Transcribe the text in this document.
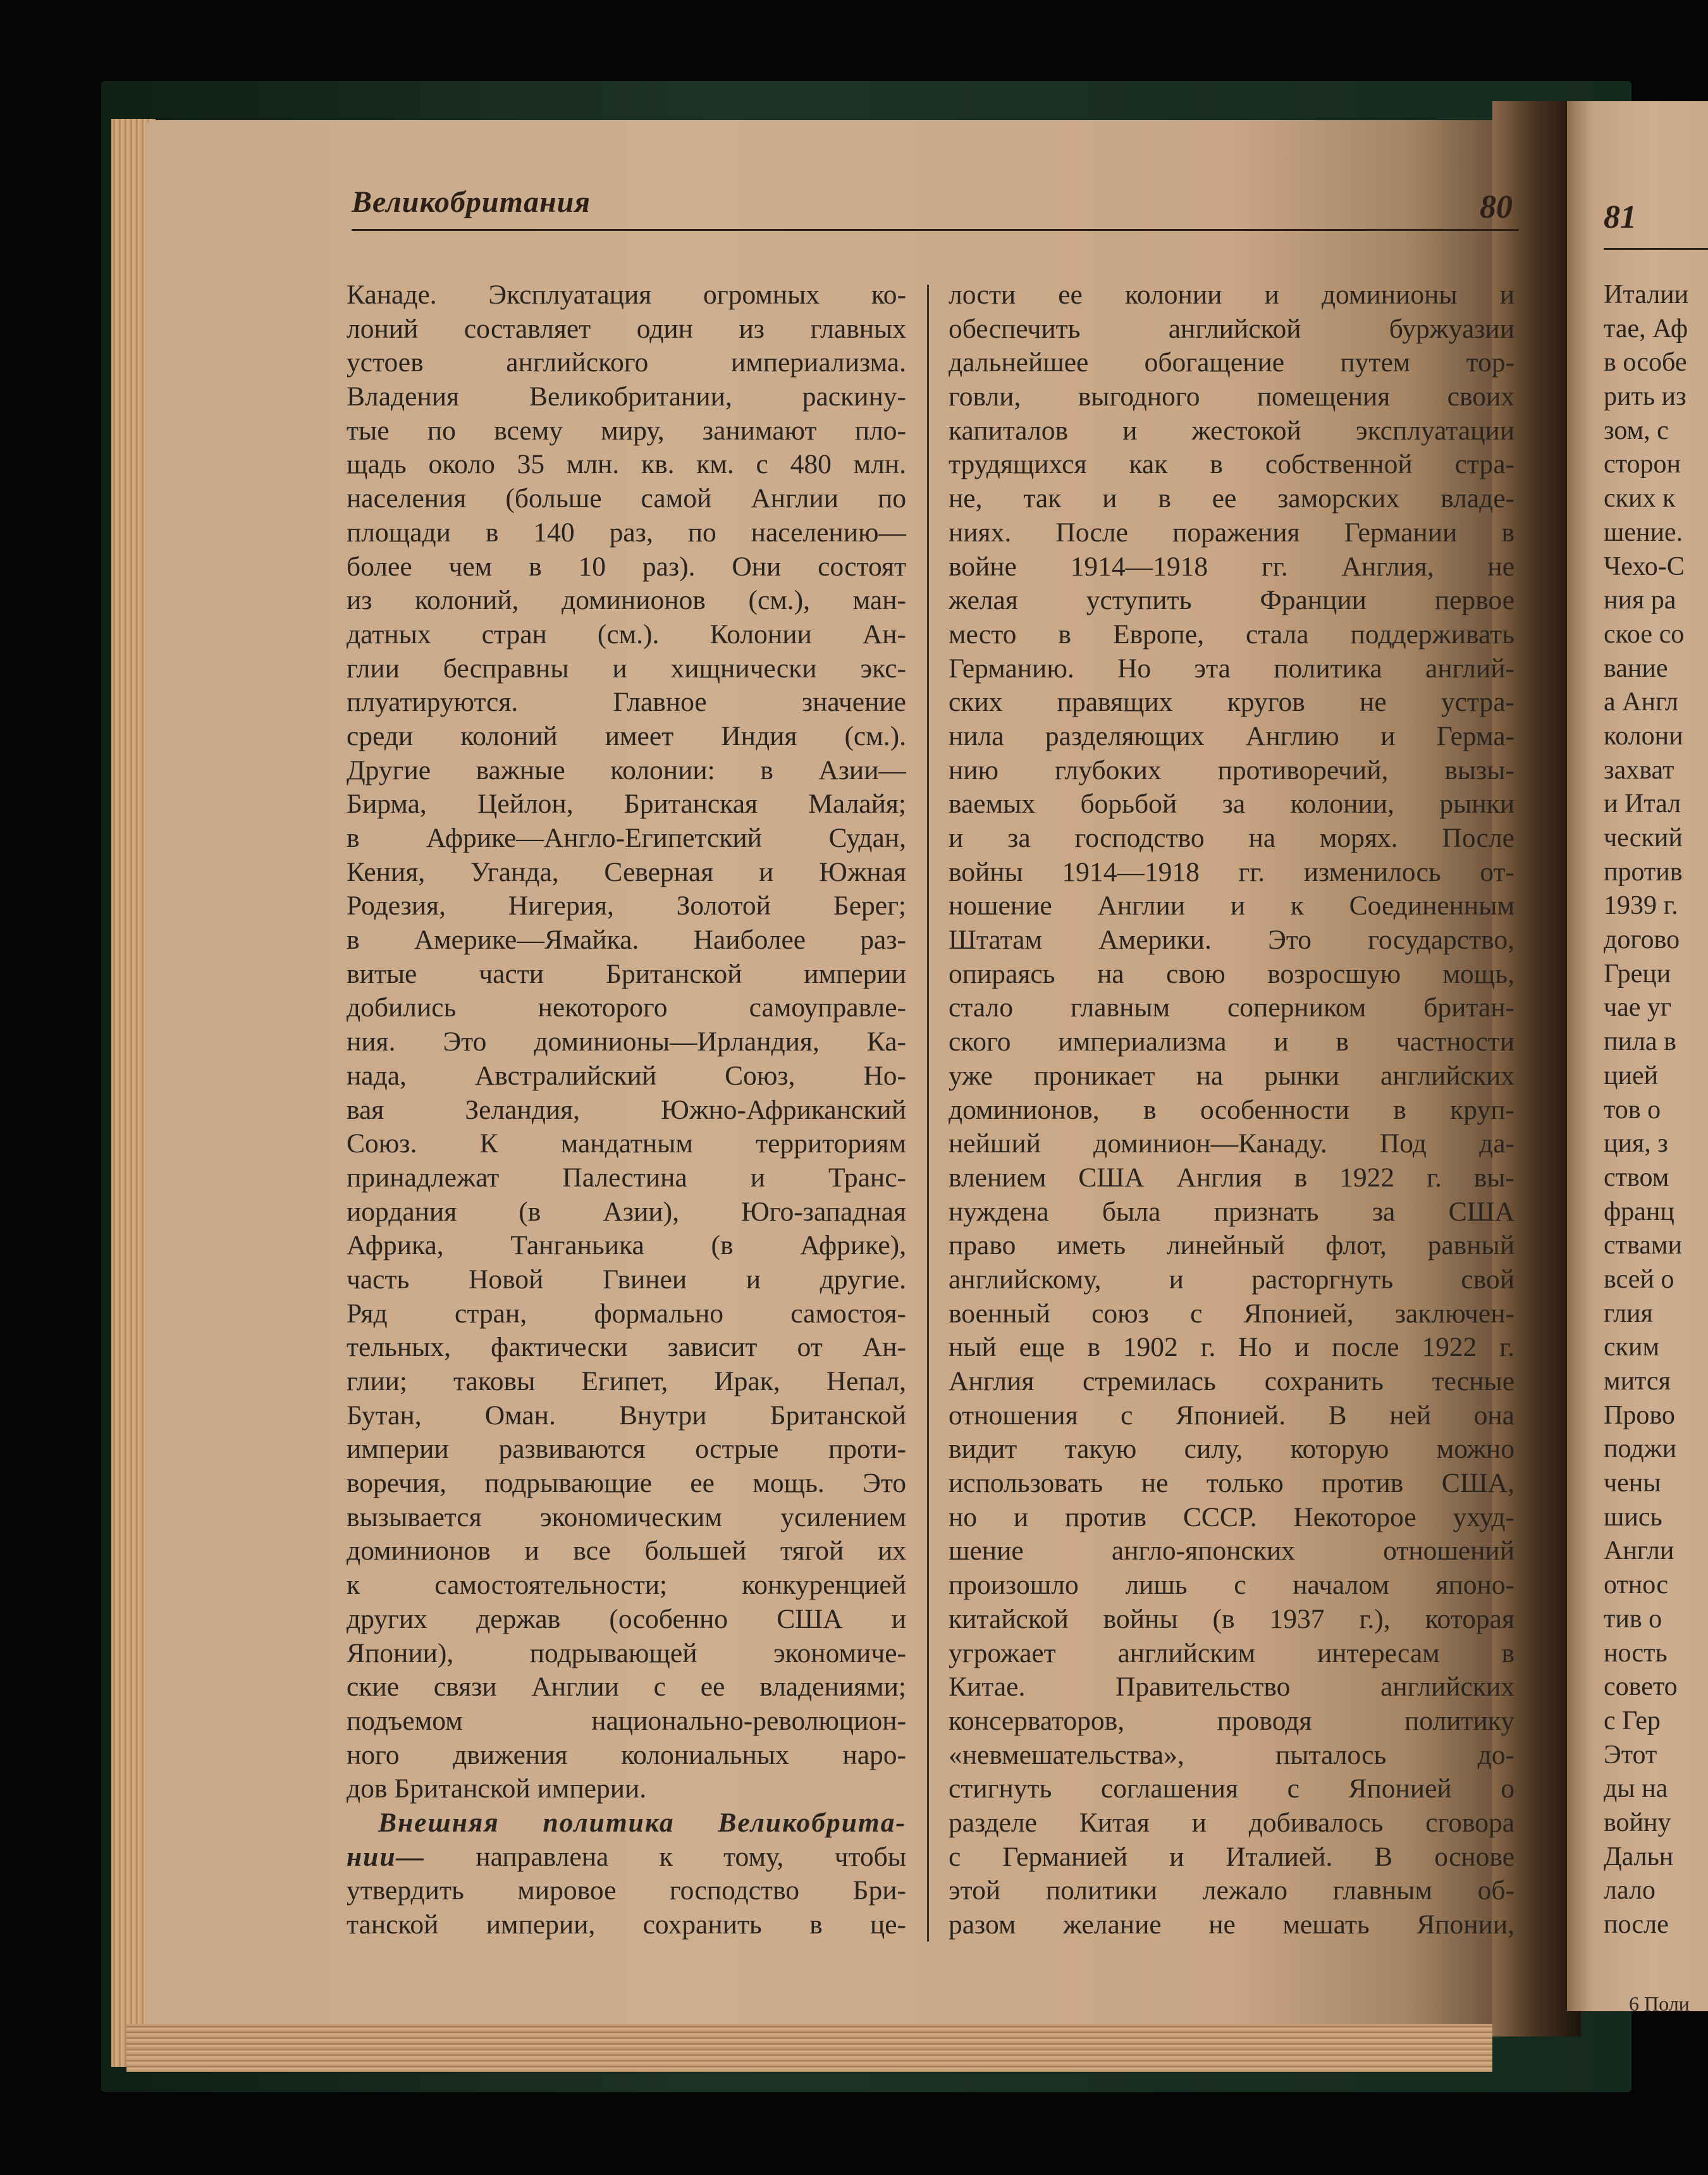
Великобритания	80	81
Канаде. Эксплуатация огромных ко-
лоний составляет один из главных
устоев английского империализма.
Владения Великобритании, раскину-
тые по всему миру, занимают пло-
щадь около 35 млн. кв. км. с 480 млн.
населения (больше самой Англии по
площади в 140 раз, по населению—
более чем в 10 раз). Они состоят
из колоний, доминионов (см.), ман-
датных стран (см.). Колонии Ан-
глии бесправны и хищнически экс-
плуатируются. Главное значение
среди колоний имеет Индия (см.).
Другие важные колонии: в Азии—
Бирма, Цейлон, Британская Малайя;
в Африке—Англо-Египетский Судан,
Кения, Уганда, Северная и Южная
Родезия, Нигерия, Золотой Берег;
в Америке—Ямайка. Наиболее раз-
витые части Британской империи
добились некоторого самоуправле-
ния. Это доминионы—Ирландия, Ка-
нада, Австралийский Союз, Но-
вая Зеландия, Южно-Африканский
Союз. К мандатным территориям
принадлежат Палестина и Транс-
иордания (в Азии), Юго-западная
Африка, Танганьика (в Африке),
часть Новой Гвинеи и другие.
Ряд стран, формально самостоя-
тельных, фактически зависит от Ан-
глии; таковы Египет, Ирак, Непал,
Бутан, Оман. Внутри Британской
империи развиваются острые проти-
воречия, подрывающие ее мощь. Это
вызывается экономическим усилением
доминионов и все большей тягой их
к самостоятельности; конкуренцией
других держав (особенно США и
Японии), подрывающей экономиче-
ские связи Англии с ее владениями;
подъемом национально-революцион-
ного движения колониальных наро-
дов Британской империи.
Внешняя политика Великобрита-
нии— направлена к тому, чтобы
утвердить мировое господство Бри-
танской империи, сохранить в це-
лости ее колонии и доминионы и
обеспечить английской буржуазии
дальнейшее обогащение путем тор-
говли, выгодного помещения своих
капиталов и жестокой эксплуатации
трудящихся как в собственной стра-
не, так и в ее заморских владе-
ниях. После поражения Германии в
войне 1914—1918 гг. Англия, не
желая уступить Франции первое
место в Европе, стала поддерживать
Германию. Но эта политика англий-
ских правящих кругов не устра-
нила разделяющих Англию и Герма-
нию глубоких противоречий, вызы-
ваемых борьбой за колонии, рынки
и за господство на морях. После
войны 1914—1918 гг. изменилось от-
ношение Англии и к Соединенным
Штатам Америки. Это государство,
опираясь на свою возросшую мощь,
стало главным соперником британ-
ского империализма и в частности
уже проникает на рынки английских
доминионов, в особенности в круп-
нейший доминион—Канаду. Под да-
влением США Англия в 1922 г. вы-
нуждена была признать за США
право иметь линейный флот, равный
английскому, и расторгнуть свой
военный союз с Японией, заключен-
ный еще в 1902 г. Но и после 1922 г.
Англия стремилась сохранить тесные
отношения с Японией. В ней она
видит такую силу, которую можно
использовать не только против США,
но и против СССР. Некоторое ухуд-
шение англо-японских отношений
произошло лишь с началом японо-
китайской войны (в 1937 г.), которая
угрожает английским интересам в
Китае. Правительство английских
консерваторов, проводя политику
«невмешательства», пыталось до-
стигнуть соглашения с Японией о
разделе Китая и добивалось сговора
с Германией и Италией. В основе
этой политики лежало главным об-
разом желание не мешать Японии,
Италии
тае, Аф
в особе
рить из
зом, с
сторон
ских к
шение.
Чехо-С
ния ра
ское со
вание
а Англ
колони
захват
и Итал
ческий
против
1939 г.
догово
Греци
чае уг
пила в
цией
тов о
ция, з
ством
франц
ствами
всей о
глия
ским
мится
Прово
поджи
чены
шись
Англи
относ
тив о
ность
совето
с Гер
Этот
ды на
войну
Дальн
лало
после
6 Поли
